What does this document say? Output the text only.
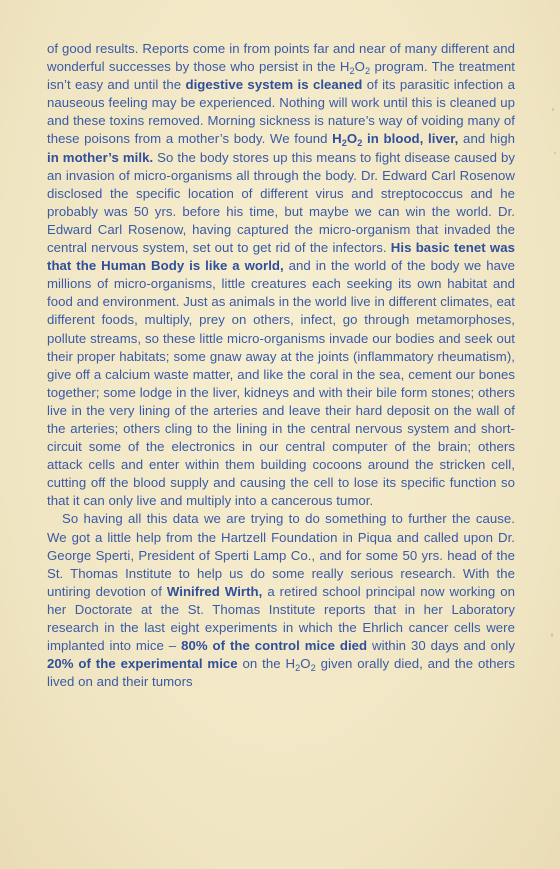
of good results. Reports come in from points far and near of many different and wonderful successes by those who persist in the $H_2O_2$ program. The treatment isn’t easy and until the digestive system is cleaned of its parasitic infection a nauseous feeling may be experienced. Nothing will work until this is cleaned up and these toxins removed. Morning sickness is nature’s way of voiding many of these poisons from a mother’s body. We found $H_2O_2$ in blood, liver, and high in mother’s milk. So the body stores up this means to fight disease caused by an invasion of micro-organisms all through the body. Dr. Edward Carl Rosenow disclosed the specific location of different virus and streptococcus and he probably was 50 yrs. before his time, but maybe we can win the world. Dr. Edward Carl Rosenow, having captured the micro-organism that invaded the central nervous system, set out to get rid of the infectors. His basic tenet was that the Human Body is like a world, and in the world of the body we have millions of micro-organisms, little creatures each seeking its own habitat and food and environment. Just as animals in the world live in different climates, eat different foods, multiply, prey on others, infect, go through metamorphoses, pollute streams, so these little micro-organisms invade our bodies and seek out their proper habitats; some gnaw away at the joints (inflammatory rheumatism), give off a calcium waste matter, and like the coral in the sea, cement our bones together; some lodge in the liver, kidneys and with their bile form stones; others live in the very lining of the arteries and leave their hard deposit on the wall of the arteries; others cling to the lining in the central nervous system and short-circuit some of the electronics in our central computer of the brain; others attack cells and enter within them building cocoons around the stricken cell, cutting off the blood supply and causing the cell to lose its specific function so that it can only live and multiply into a cancerous tumor.

So having all this data we are trying to do something to further the cause. We got a little help from the Hartzell Foundation in Piqua and called upon Dr. George Sperti, President of Sperti Lamp Co., and for some 50 yrs. head of the St. Thomas Institute to help us do some really serious research. With the untiring devotion of Winifred Wirth, a retired school principal now working on her Doctorate at the St. Thomas Institute reports that in her Laboratory research in the last eight experiments in which the Ehrlich cancer cells were implanted into mice – 80% of the control mice died within 30 days and only 20% of the experimental mice on the $H_2O_2$ given orally died, and the others lived on and their tumors
